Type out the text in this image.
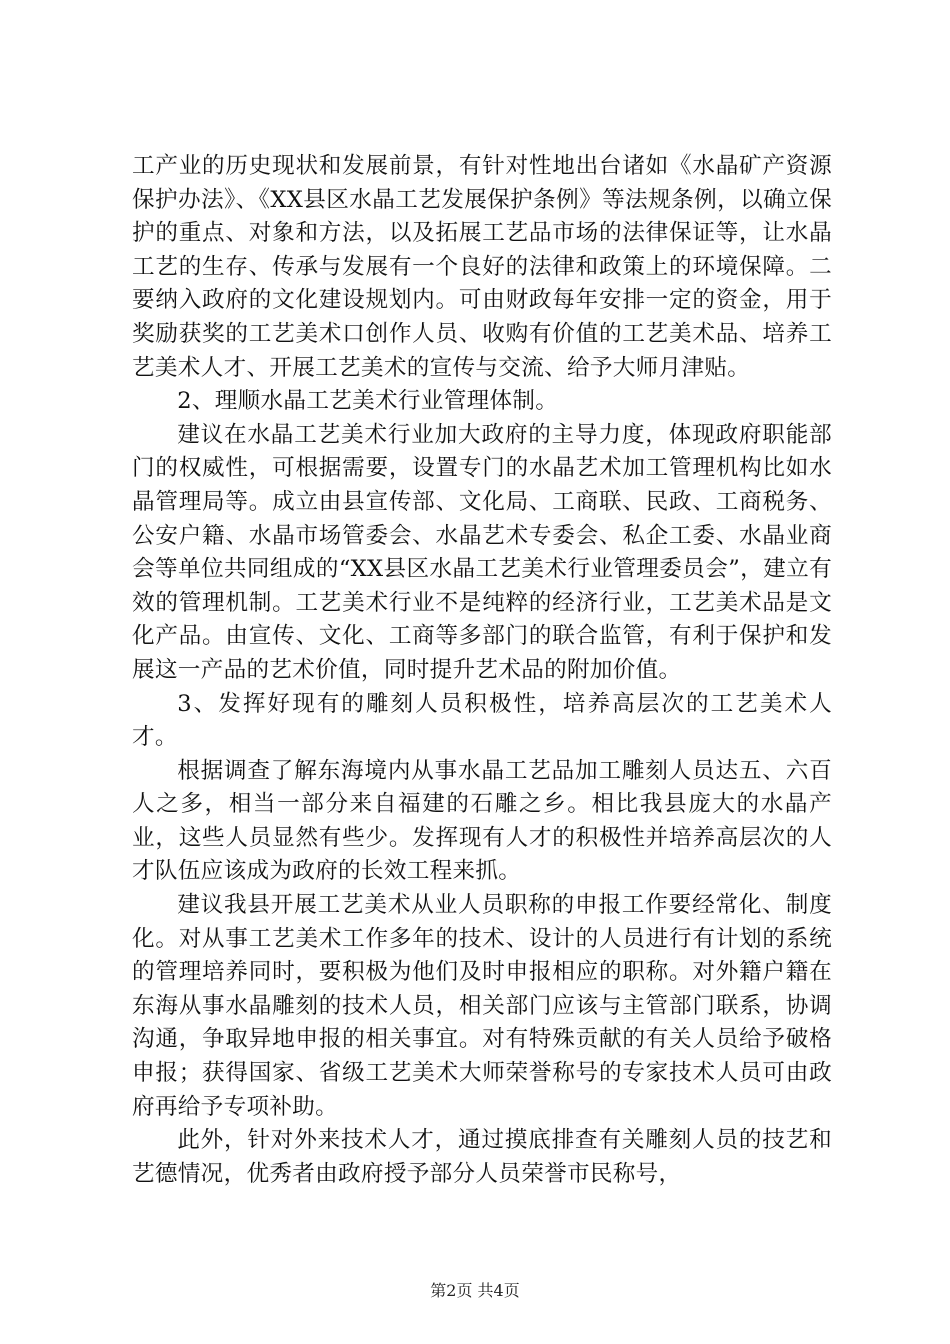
工产业的历史现状和发展前景，有针对性地出台诸如《水晶矿产资源保护办法》、《XX县区水晶工艺发展保护条例》等法规条例，以确立保护的重点、对象和方法，以及拓展工艺品市场的法律保证等，让水晶工艺的生存、传承与发展有一个良好的法律和政策上的环境保障。二要纳入政府的文化建设规划内。可由财政每年安排一定的资金，用于奖励获奖的工艺美术口创作人员、收购有价值的工艺美术品、培养工艺美术人才、开展工艺美术的宣传与交流、给予大师月津贴。

2、理顺水晶工艺美术行业管理体制。

建议在水晶工艺美术行业加大政府的主导力度，体现政府职能部门的权威性，可根据需要，设置专门的水晶艺术加工管理机构比如水晶管理局等。成立由县宣传部、文化局、工商联、民政、工商税务、公安户籍、水晶市场管委会、水晶艺术专委会、私企工委、水晶业商会等单位共同组成的“XX县区水晶工艺美术行业管理委员会”，建立有效的管理机制。工艺美术行业不是纯粹的经济行业，工艺美术品是文化产品。由宣传、文化、工商等多部门的联合监管，有利于保护和发展这一产品的艺术价值，同时提升艺术品的附加价值。

3、发挥好现有的雕刻人员积极性，培养高层次的工艺美术人才。

根据调查了解东海境内从事水晶工艺品加工雕刻人员达五、六百人之多，相当一部分来自福建的石雕之乡。相比我县庞大的水晶产业，这些人员显然有些少。发挥现有人才的积极性并培养高层次的人才队伍应该成为政府的长效工程来抓。

建议我县开展工艺美术从业人员职称的申报工作要经常化、制度化。对从事工艺美术工作多年的技术、设计的人员进行有计划的系统的管理培养同时，要积极为他们及时申报相应的职称。对外籍户籍在东海从事水晶雕刻的技术人员，相关部门应该与主管部门联系，协调沟通，争取异地申报的相关事宜。对有特殊贡献的有关人员给予破格申报；获得国家、省级工艺美术大师荣誉称号的专家技术人员可由政府再给予专项补助。

此外，针对外来技术人才，通过摸底排查有关雕刻人员的技艺和艺德情况，优秀者由政府授予部分人员荣誉市民称号，

第2页 共4页
